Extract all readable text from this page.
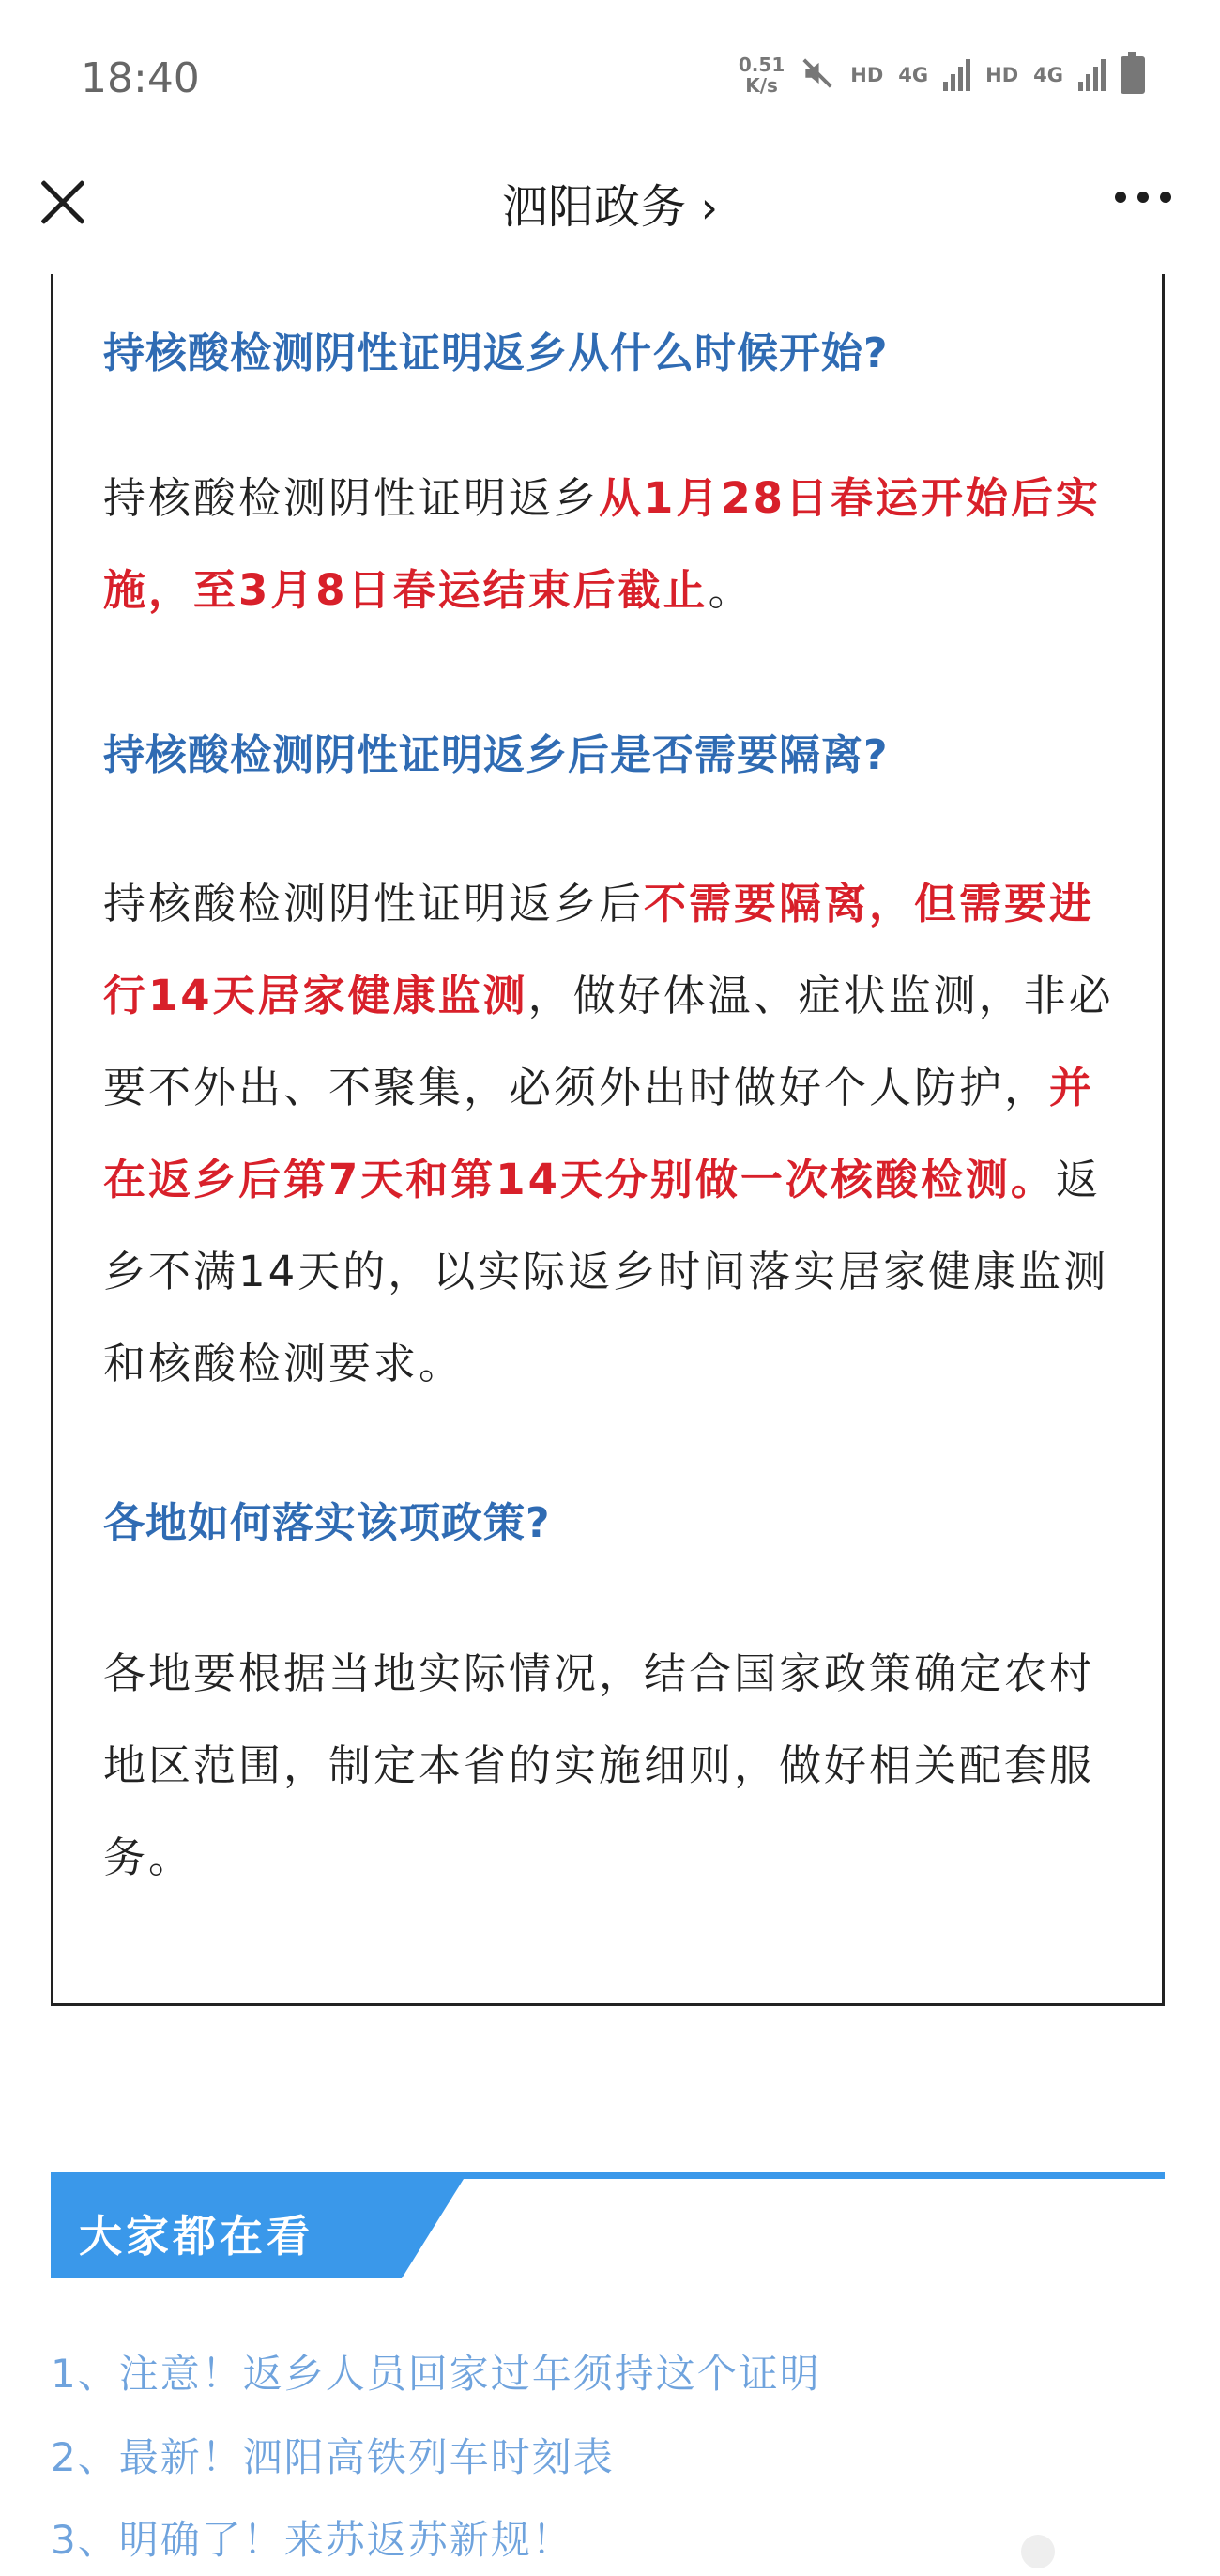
18:40	0.51
K/s	HD 4G	HD 4G
泗阳政务 ›
持核酸检测阴性证明返乡从什么时候开始?
持核酸检测阴性证明返乡从1月28日春运开始后实施，至3月8日春运结束后截止。
持核酸检测阴性证明返乡后是否需要隔离?
持核酸检测阴性证明返乡后不需要隔离，但需要进行14天居家健康监测，做好体温、症状监测，非必要不外出、不聚集，必须外出时做好个人防护，并在返乡后第7天和第14天分别做一次核酸检测。返乡不满14天的，以实际返乡时间落实居家健康监测和核酸检测要求。
各地如何落实该项政策?
各地要根据当地实际情况，结合国家政策确定农村地区范围，制定本省的实施细则，做好相关配套服务。
大家都在看
1、注意！返乡人员回家过年须持这个证明
2、最新！泗阳高铁列车时刻表
3、明确了！来苏返苏新规！
